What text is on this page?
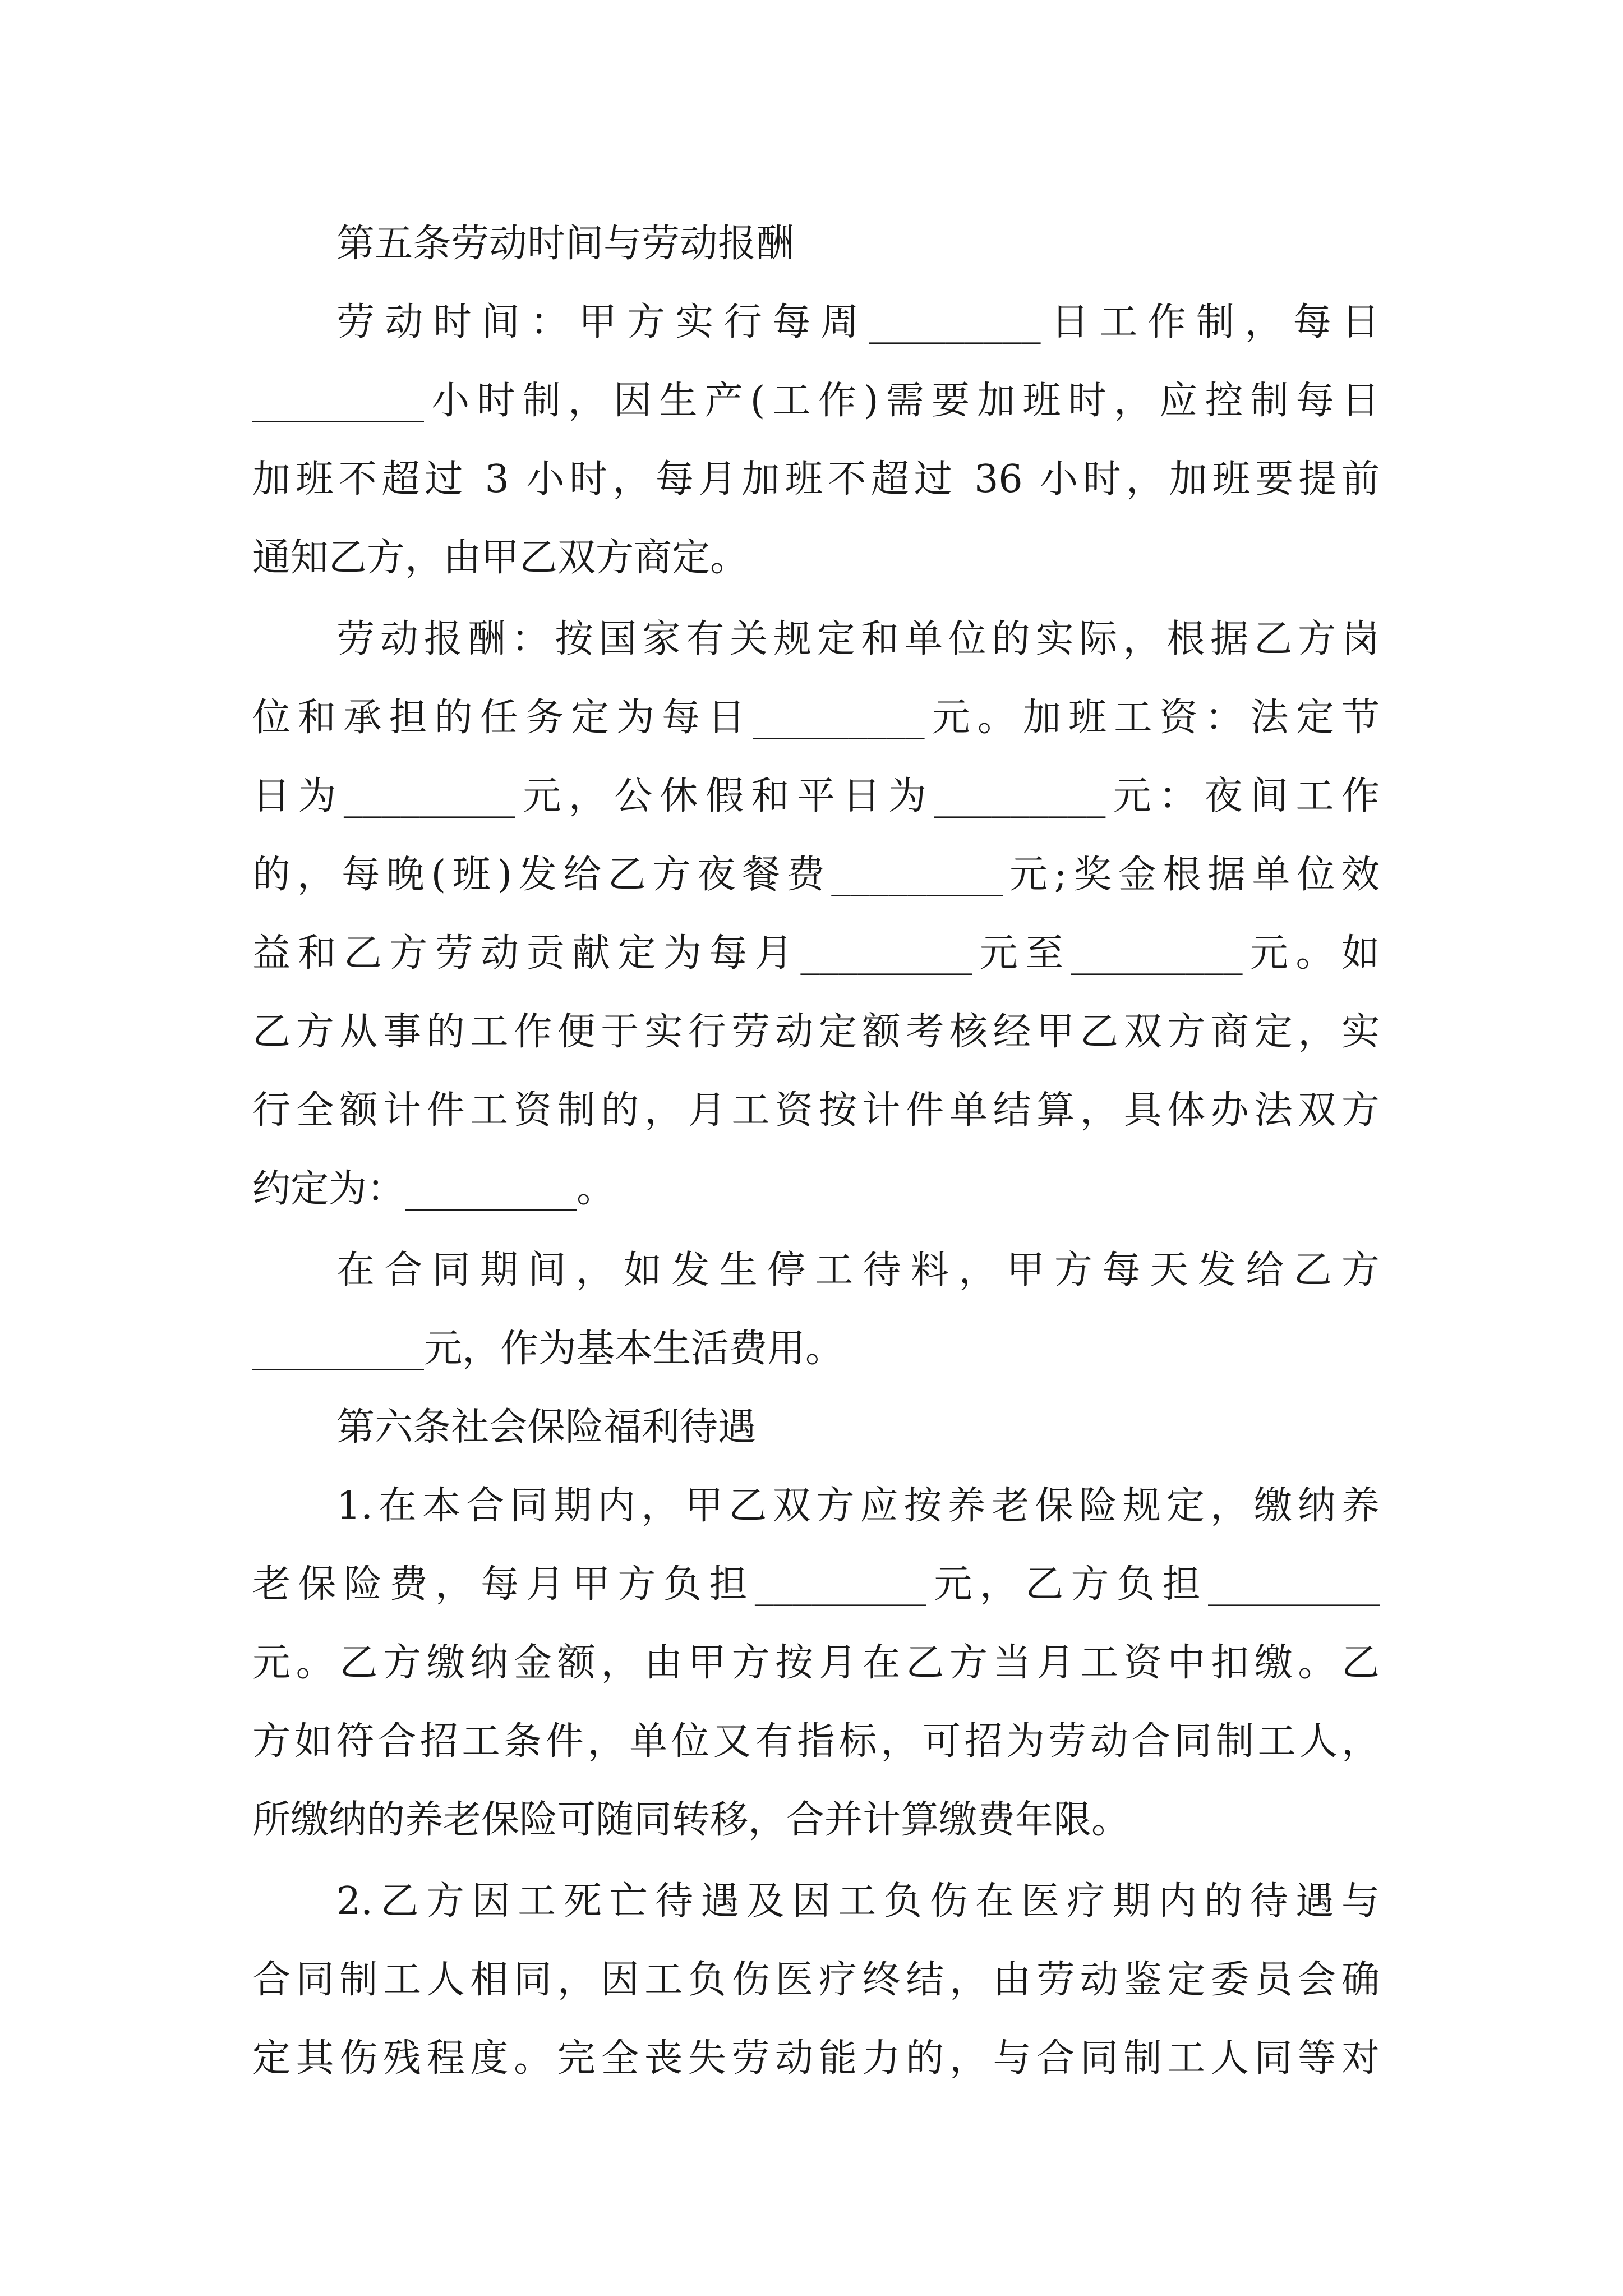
第五条劳动时间与劳动报酬
劳动时间：甲方实行每周_________日工作制，每日
_________小时制，因生产(工作)需要加班时，应控制每日
加班不超过 3 小时，每月加班不超过 36 小时，加班要提前
通知乙方，由甲乙双方商定。
劳动报酬：按国家有关规定和单位的实际，根据乙方岗
位和承担的任务定为每日_________元。加班工资：法定节
日为_________元，公休假和平日为_________元：夜间工作
的，每晚(班)发给乙方夜餐费_________元;奖金根据单位效
益和乙方劳动贡献定为每月_________元至_________元。如
乙方从事的工作便于实行劳动定额考核经甲乙双方商定，实
行全额计件工资制的，月工资按计件单结算，具体办法双方
约定为：_________。
在合同期间，如发生停工待料，甲方每天发给乙方
_________元，作为基本生活费用。
第六条社会保险福利待遇
1.在本合同期内，甲乙双方应按养老保险规定，缴纳养
老保险费，每月甲方负担_________元，乙方负担_________
元。乙方缴纳金额，由甲方按月在乙方当月工资中扣缴。乙
方如符合招工条件，单位又有指标，可招为劳动合同制工人，
所缴纳的养老保险可随同转移，合并计算缴费年限。
2.乙方因工死亡待遇及因工负伤在医疗期内的待遇与
合同制工人相同，因工负伤医疗终结，由劳动鉴定委员会确
定其伤残程度。完全丧失劳动能力的，与合同制工人同等对
